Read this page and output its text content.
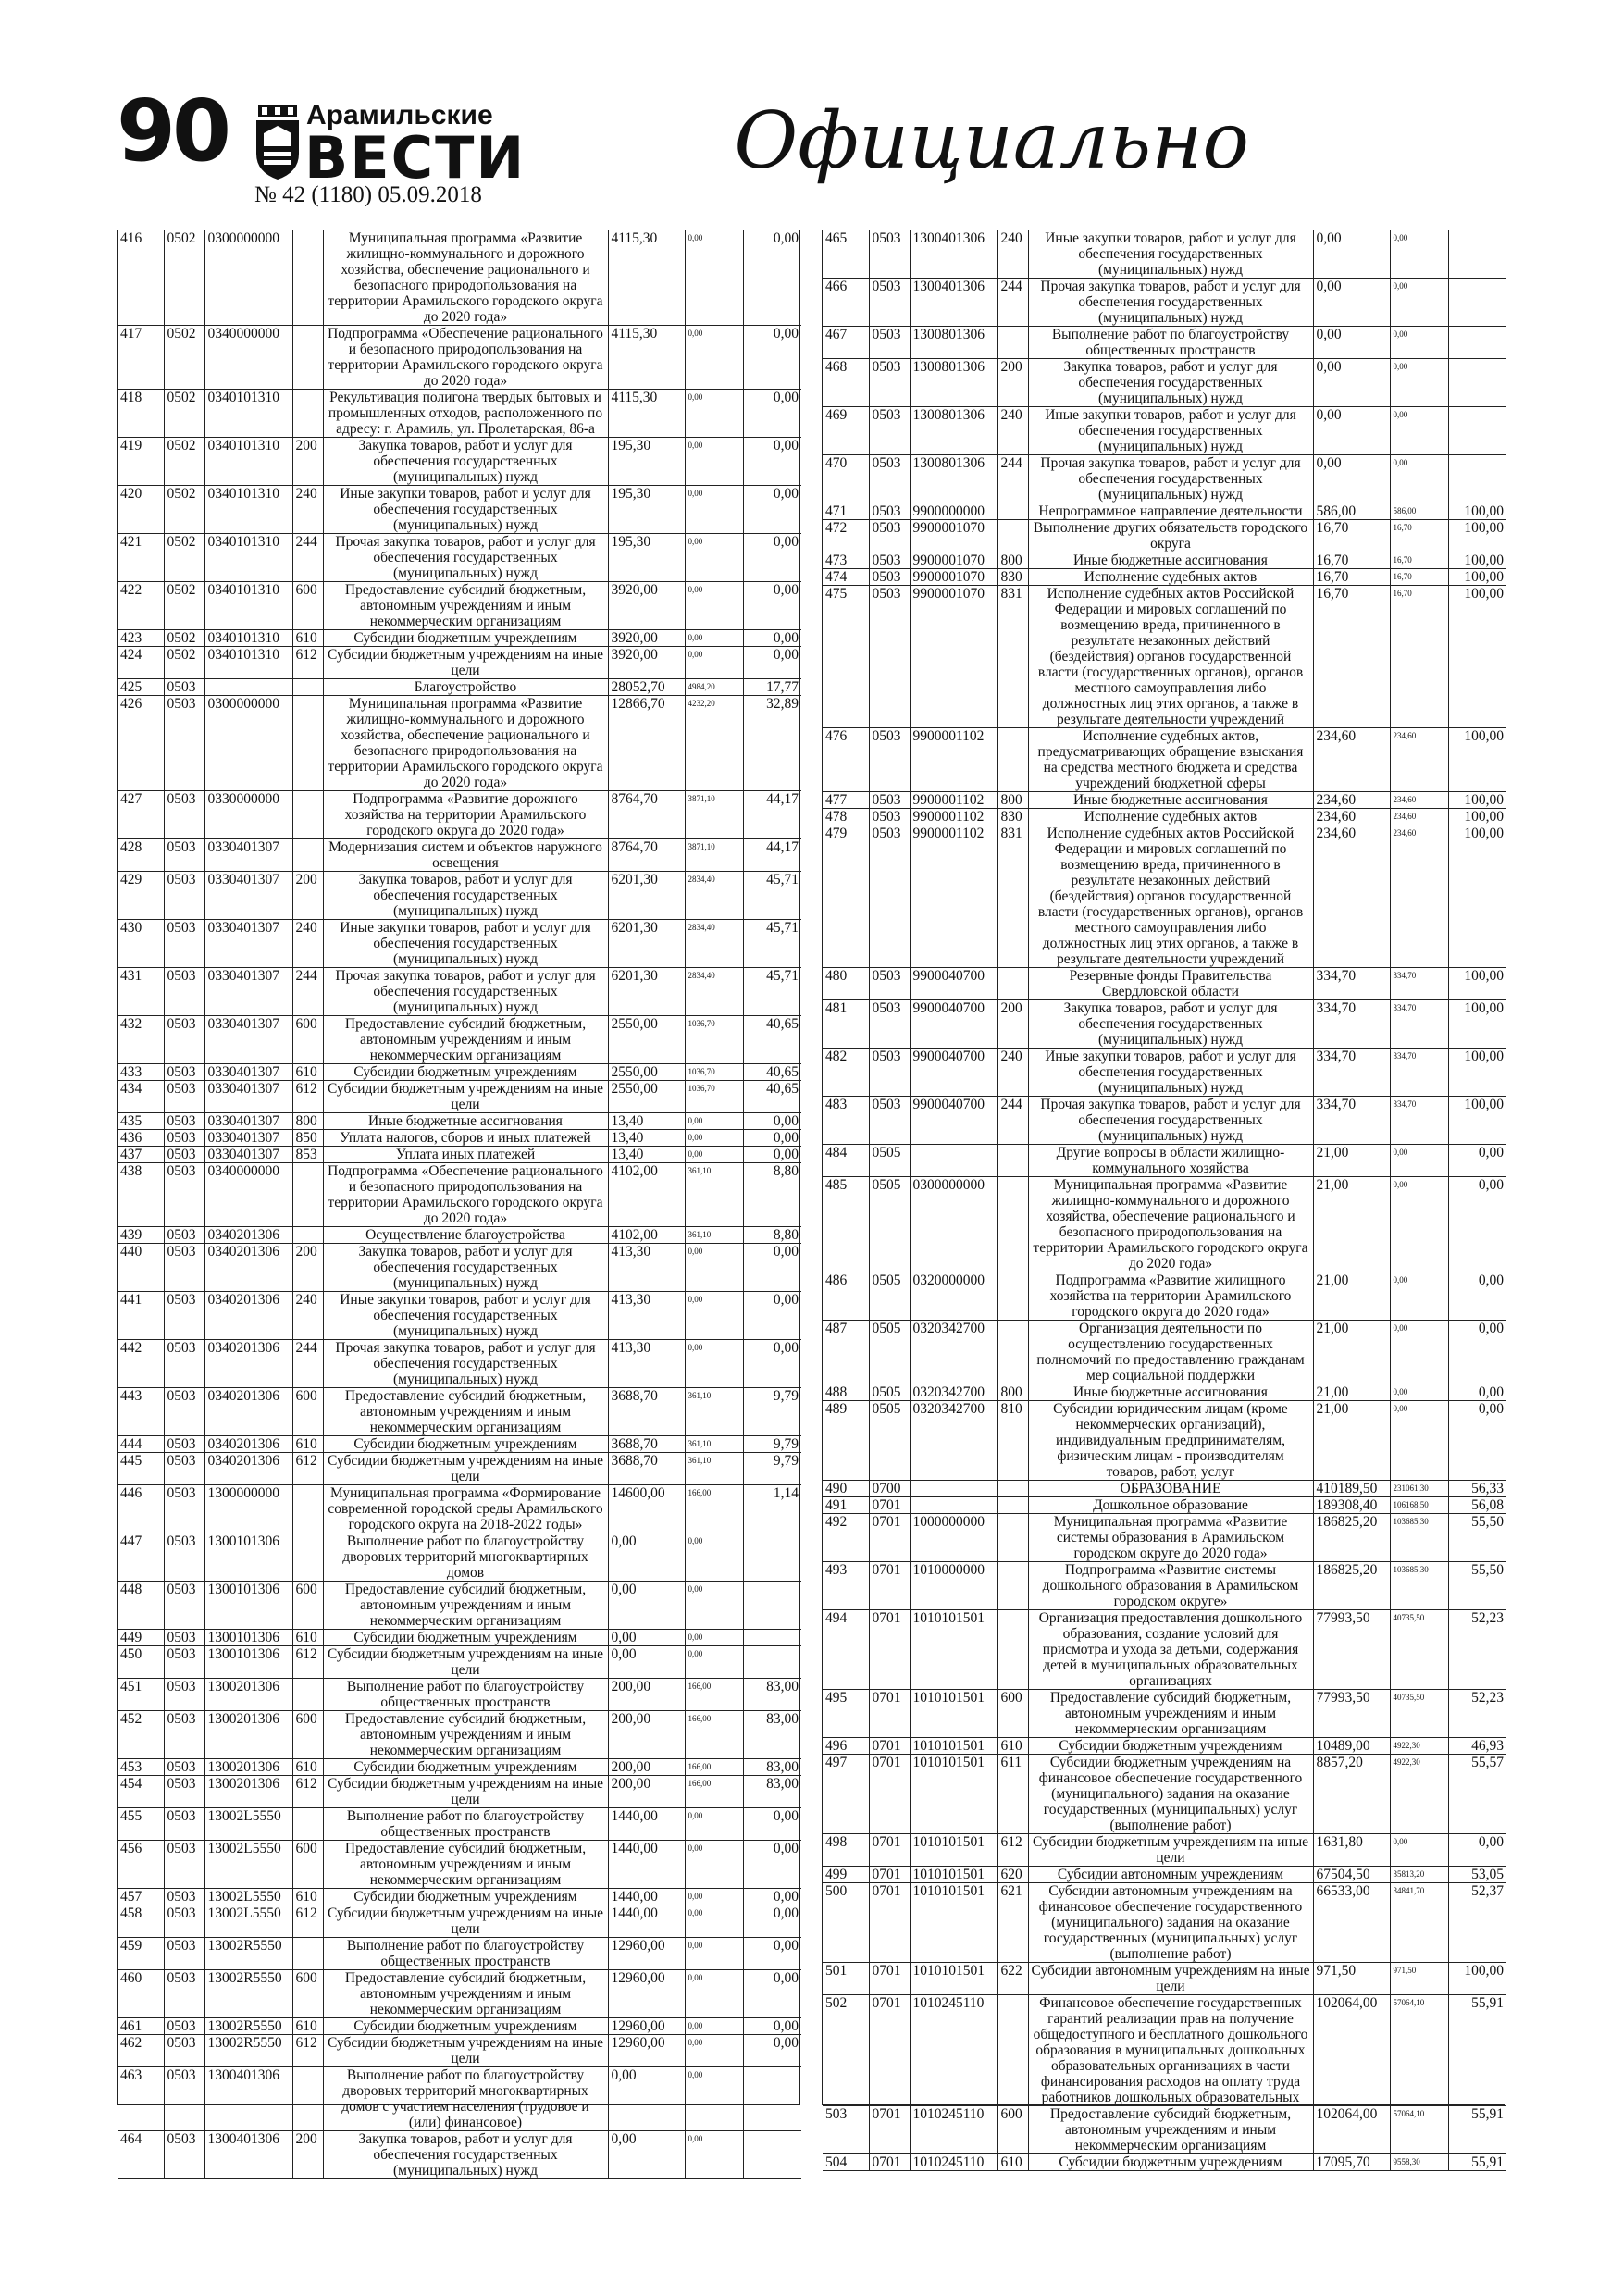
90	Арамильские
ВЕСТИ
№ 42 (1180) 05.09.2018
Официально
416	0502	0300000000		Муниципальная программа «Развитие жилищно-коммунального и дорожного хозяйства, обеспечение рационального и безопасного природопользования на территории Арамильского городского округа до 2020 года»	4115,30	0,00	0,00
417	0502	0340000000		Подпрограмма «Обеспечение рационального и безопасного природопользования на территории Арамильского городского округа до 2020 года»	4115,30	0,00	0,00
418	0502	0340101310		Рекультивация полигона твердых бытовых и промышленных отходов, расположенного по адресу: г. Арамиль, ул. Пролетарская, 86-а	4115,30	0,00	0,00
419	0502	0340101310	200	Закупка товаров, работ и услуг для обеспечения государственных (муниципальных) нужд	195,30	0,00	0,00
420	0502	0340101310	240	Иные закупки товаров, работ и услуг для обеспечения государственных (муниципальных) нужд	195,30	0,00	0,00
421	0502	0340101310	244	Прочая закупка товаров, работ и услуг для обеспечения государственных (муниципальных) нужд	195,30	0,00	0,00
422	0502	0340101310	600	Предоставление субсидий бюджетным, автономным учреждениям и иным некоммерческим организациям	3920,00	0,00	0,00
423	0502	0340101310	610	Субсидии бюджетным учреждениям	3920,00	0,00	0,00
424	0502	0340101310	612	Субсидии бюджетным учреждениям на иные цели	3920,00	0,00	0,00
425	0503			Благоустройство	28052,70	4984,20	17,77
426	0503	0300000000		Муниципальная программа «Развитие жилищно-коммунального и дорожного хозяйства, обеспечение рационального и безопасного природопользования на территории Арамильского городского округа до 2020 года»	12866,70	4232,20	32,89
427	0503	0330000000		Подпрограмма «Развитие дорожного хозяйства на территории Арамильского городского округа до 2020 года»	8764,70	3871,10	44,17
428	0503	0330401307		Модернизация систем и объектов наружного освещения	8764,70	3871,10	44,17
429	0503	0330401307	200	Закупка товаров, работ и услуг для обеспечения государственных (муниципальных) нужд	6201,30	2834,40	45,71
430	0503	0330401307	240	Иные закупки товаров, работ и услуг для обеспечения государственных (муниципальных) нужд	6201,30	2834,40	45,71
431	0503	0330401307	244	Прочая закупка товаров, работ и услуг для обеспечения государственных (муниципальных) нужд	6201,30	2834,40	45,71
432	0503	0330401307	600	Предоставление субсидий бюджетным, автономным учреждениям и иным некоммерческим организациям	2550,00	1036,70	40,65
433	0503	0330401307	610	Субсидии бюджетным учреждениям	2550,00	1036,70	40,65
434	0503	0330401307	612	Субсидии бюджетным учреждениям на иные цели	2550,00	1036,70	40,65
435	0503	0330401307	800	Иные бюджетные ассигнования	13,40	0,00	0,00
436	0503	0330401307	850	Уплата налогов, сборов и иных платежей	13,40	0,00	0,00
437	0503	0330401307	853	Уплата иных платежей	13,40	0,00	0,00
438	0503	0340000000		Подпрограмма «Обеспечение рационального и безопасного природопользования на территории Арамильского городского округа до 2020 года»	4102,00	361,10	8,80
439	0503	0340201306		Осуществление благоустройства	4102,00	361,10	8,80
440	0503	0340201306	200	Закупка товаров, работ и услуг для обеспечения государственных (муниципальных) нужд	413,30	0,00	0,00
441	0503	0340201306	240	Иные закупки товаров, работ и услуг для обеспечения государственных (муниципальных) нужд	413,30	0,00	0,00
442	0503	0340201306	244	Прочая закупка товаров, работ и услуг для обеспечения государственных (муниципальных) нужд	413,30	0,00	0,00
443	0503	0340201306	600	Предоставление субсидий бюджетным, автономным учреждениям и иным некоммерческим организациям	3688,70	361,10	9,79
444	0503	0340201306	610	Субсидии бюджетным учреждениям	3688,70	361,10	9,79
445	0503	0340201306	612	Субсидии бюджетным учреждениям на иные цели	3688,70	361,10	9,79
446	0503	1300000000		Муниципальная программа «Формирование современной городской среды Арамильского городского округа на 2018-2022 годы»	14600,00	166,00	1,14
447	0503	1300101306		Выполнение работ по благоустройству дворовых территорий многоквартирных домов	0,00	0,00	
448	0503	1300101306	600	Предоставление субсидий бюджетным, автономным учреждениям и иным некоммерческим организациям	0,00	0,00	
449	0503	1300101306	610	Субсидии бюджетным учреждениям	0,00	0,00	
450	0503	1300101306	612	Субсидии бюджетным учреждениям на иные цели	0,00	0,00	
451	0503	1300201306		Выполнение работ по благоустройству общественных пространств	200,00	166,00	83,00
452	0503	1300201306	600	Предоставление субсидий бюджетным, автономным учреждениям и иным некоммерческим организациям	200,00	166,00	83,00
453	0503	1300201306	610	Субсидии бюджетным учреждениям	200,00	166,00	83,00
454	0503	1300201306	612	Субсидии бюджетным учреждениям на иные цели	200,00	166,00	83,00
455	0503	13002L5550		Выполнение работ по благоустройству общественных пространств	1440,00	0,00	0,00
456	0503	13002L5550	600	Предоставление субсидий бюджетным, автономным учреждениям и иным некоммерческим организациям	1440,00	0,00	0,00
457	0503	13002L5550	610	Субсидии бюджетным учреждениям	1440,00	0,00	0,00
458	0503	13002L5550	612	Субсидии бюджетным учреждениям на иные цели	1440,00	0,00	0,00
459	0503	13002R5550		Выполнение работ по благоустройству общественных пространств	12960,00	0,00	0,00
460	0503	13002R5550	600	Предоставление субсидий бюджетным, автономным учреждениям и иным некоммерческим организациям	12960,00	0,00	0,00
461	0503	13002R5550	610	Субсидии бюджетным учреждениям	12960,00	0,00	0,00
462	0503	13002R5550	612	Субсидии бюджетным учреждениям на иные цели	12960,00	0,00	0,00
463	0503	1300401306		Выполнение работ по благоустройству дворовых территорий многоквартирных домов с участием населения (трудовое и (или) финансовое)	0,00	0,00	
464	0503	1300401306	200	Закупка товаров, работ и услуг для обеспечения государственных (муниципальных) нужд	0,00	0,00	
465	0503	1300401306	240	Иные закупки товаров, работ и услуг для обеспечения государственных (муниципальных) нужд	0,00	0,00	
466	0503	1300401306	244	Прочая закупка товаров, работ и услуг для обеспечения государственных (муниципальных) нужд	0,00	0,00	
467	0503	1300801306		Выполнение работ по благоустройству общественных пространств	0,00	0,00	
468	0503	1300801306	200	Закупка товаров, работ и услуг для обеспечения государственных (муниципальных) нужд	0,00	0,00	
469	0503	1300801306	240	Иные закупки товаров, работ и услуг для обеспечения государственных (муниципальных) нужд	0,00	0,00	
470	0503	1300801306	244	Прочая закупка товаров, работ и услуг для обеспечения государственных (муниципальных) нужд	0,00	0,00	
471	0503	9900000000		Непрограммное направление деятельности	586,00	586,00	100,00
472	0503	9900001070		Выполнение других обязательств городского округа	16,70	16,70	100,00
473	0503	9900001070	800	Иные бюджетные ассигнования	16,70	16,70	100,00
474	0503	9900001070	830	Исполнение судебных актов	16,70	16,70	100,00
475	0503	9900001070	831	Исполнение судебных актов Российской Федерации и мировых соглашений по возмещению вреда, причиненного в результате незаконных действий (бездействия) органов государственной власти (государственных органов), органов местного самоуправления либо должностных лиц этих органов, а также в результате деятельности учреждений	16,70	16,70	100,00
476	0503	9900001102		Исполнение судебных актов, предусматривающих обращение взыскания на средства местного бюджета и средства учреждений бюджетной сферы	234,60	234,60	100,00
477	0503	9900001102	800	Иные бюджетные ассигнования	234,60	234,60	100,00
478	0503	9900001102	830	Исполнение судебных актов	234,60	234,60	100,00
479	0503	9900001102	831	Исполнение судебных актов Российской Федерации и мировых соглашений по возмещению вреда, причиненного в результате незаконных действий (бездействия) органов государственной власти (государственных органов), органов местного самоуправления либо должностных лиц этих органов, а также в результате деятельности учреждений	234,60	234,60	100,00
480	0503	9900040700		Резервные фонды Правительства Свердловской области	334,70	334,70	100,00
481	0503	9900040700	200	Закупка товаров, работ и услуг для обеспечения государственных (муниципальных) нужд	334,70	334,70	100,00
482	0503	9900040700	240	Иные закупки товаров, работ и услуг для обеспечения государственных (муниципальных) нужд	334,70	334,70	100,00
483	0503	9900040700	244	Прочая закупка товаров, работ и услуг для обеспечения государственных (муниципальных) нужд	334,70	334,70	100,00
484	0505			Другие вопросы в области жилищно-коммунального хозяйства	21,00	0,00	0,00
485	0505	0300000000		Муниципальная программа «Развитие жилищно-коммунального и дорожного хозяйства, обеспечение рационального и безопасного природопользования на территории Арамильского городского округа до 2020 года»	21,00	0,00	0,00
486	0505	0320000000		Подпрограмма «Развитие жилищного хозяйства на территории Арамильского городского округа до 2020 года»	21,00	0,00	0,00
487	0505	0320342700		Организация деятельности по осуществлению государственных полномочий по предоставлению гражданам мер социальной поддержки	21,00	0,00	0,00
488	0505	0320342700	800	Иные бюджетные ассигнования	21,00	0,00	0,00
489	0505	0320342700	810	Субсидии юридическим лицам (кроме некоммерческих организаций), индивидуальным предпринимателям, физическим лицам - производителям товаров, работ, услуг	21,00	0,00	0,00
490	0700			ОБРАЗОВАНИЕ	410189,50	231061,30	56,33
491	0701			Дошкольное образование	189308,40	106168,50	56,08
492	0701	1000000000		Муниципальная программа «Развитие системы образования в Арамильском городском округе до 2020 года»	186825,20	103685,30	55,50
493	0701	1010000000		Подпрограмма «Развитие системы дошкольного образования в Арамильском городском округе»	186825,20	103685,30	55,50
494	0701	1010101501		Организация предоставления дошкольного образования, создание условий для присмотра и ухода за детьми, содержания детей в муниципальных образовательных организациях	77993,50	40735,50	52,23
495	0701	1010101501	600	Предоставление субсидий бюджетным, автономным учреждениям и иным некоммерческим организациям	77993,50	40735,50	52,23
496	0701	1010101501	610	Субсидии бюджетным учреждениям	10489,00	4922,30	46,93
497	0701	1010101501	611	Субсидии бюджетным учреждениям на финансовое обеспечение государственного (муниципального) задания на оказание государственных (муниципальных) услуг (выполнение работ)	8857,20	4922,30	55,57
498	0701	1010101501	612	Субсидии бюджетным учреждениям на иные цели	1631,80	0,00	0,00
499	0701	1010101501	620	Субсидии автономным учреждениям	67504,50	35813,20	53,05
500	0701	1010101501	621	Субсидии автономным учреждениям на финансовое обеспечение государственного (муниципального) задания на оказание государственных (муниципальных) услуг (выполнение работ)	66533,00	34841,70	52,37
501	0701	1010101501	622	Субсидии автономным учреждениям на иные цели	971,50	971,50	100,00
502	0701	1010245110		Финансовое обеспечение государственных гарантий реализации прав на получение общедоступного и бесплатного дошкольного образования в муниципальных дошкольных образовательных организациях в части финансирования расходов на оплату труда работников дошкольных образовательных	102064,00	57064,10	55,91
503	0701	1010245110	600	Предоставление субсидий бюджетным, автономным учреждениям и иным некоммерческим организациям	102064,00	57064,10	55,91
504	0701	1010245110	610	Субсидии бюджетным учреждениям	17095,70	9558,30	55,91
